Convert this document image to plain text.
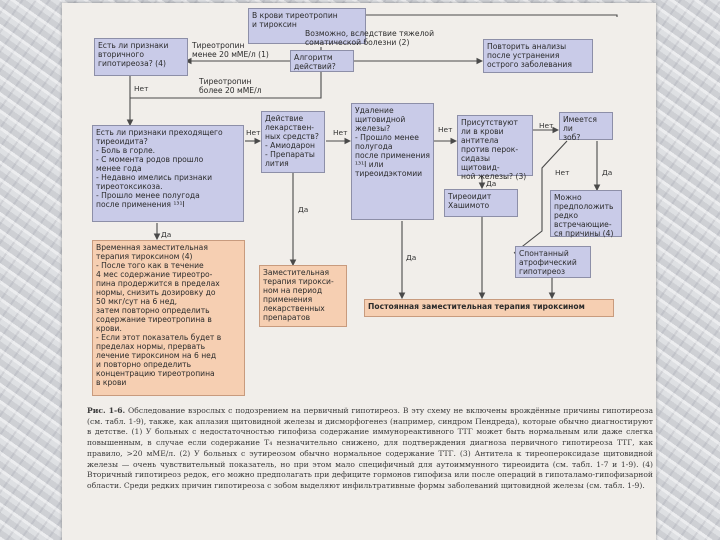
В крови тиреотропин
и тироксин
Есть ли признаки
вторичного
гипотиреоза? (4)
Тиреотропин
менее 20 мМЕ/л (1)	Алгоритм
действий?
Возможно, вследствие тяжелой
соматической болезни (2)	Повторить анализы
после устранения
острого заболевания
Нет
Тиреотропин
более 20 мМЕ/л
Есть ли признаки преходящего
тиреоидита?
- Боль в горле.
- С момента родов прошло
менее года
- Недавно имелись признаки
тиреотоксикоза.
- Прошло менее полугода
после применения ¹³¹I
Нет
Действие
лекарствен-
ных средств?
- Амиодарон
- Препараты
лития
Нет
Удаление
щитовидной
железы?
- Прошло менее
полугода
после применения
¹³¹I или
тиреоидэктомии
Нет
Присутствуют
ли в крови
антитела
против перок-
сидазы щитовид-
ной железы? (3)
Нет
Имеется ли
зоб?
Нет	Да
Да
Тиреоидит
Хашимото
Можно
предположить
редко
встречающие-
ся причины (4)
Спонтанный
атрофический
гипотиреоз
Да
Временная заместительная
терапия тироксином (4)
- После того как в течение
4 мес содержание тиреотро-
пина продержится в пределах
нормы, снизить дозировку до
50 мкг/сут на 6 нед,
затем повторно определить
содержание тиреотропина в
крови.
- Если этот показатель будет в
пределах нормы, прервать
лечение тироксином на 6 нед
и повторно определить
концентрацию тиреотропина
в крови
Да
Заместительная
терапия тирокси-
ном на период
применения
лекарственных
препаратов
Да
Постоянная заместительная терапия тироксином
Рис. 1-6. Обследование взрослых с подозрением на первичный гипотиреоз. В эту схему не включены врождённые причины гипотиреоза (см. табл. 1-9), также, как аплазия щитовидной железы и дисморфогенез (например, синдром Пендреда), которые обычно диагностируют в детстве. (1) У больных с недостаточностью гипофиза содержание иммунореактивного ТТГ может быть нормальным или даже слегка повышенным, в случае если содержание T₄ незначительно снижено, для подтверждения диагноза первичного гипотиреоза ТТГ, как правило, >20 мМЕ/л. (2) У больных с эутиреозом обычно нормальное содержание ТТГ. (3) Антитела к тиреопероксидазе щитовидной железы — очень чувствительный показатель, но при этом мало специфичный для аутоиммунного тиреоидита (см. табл. 1-7 и 1-9). (4) Вторичный гипотиреоз редок, его можно предполагать при дефиците гормонов гипофиза или после операций в гипоталамо-гипофизарной области. Среди редких причин гипотиреоза с зобом выделяют инфильтративные формы заболеваний щитовидной железы (см. табл. 1-9).
